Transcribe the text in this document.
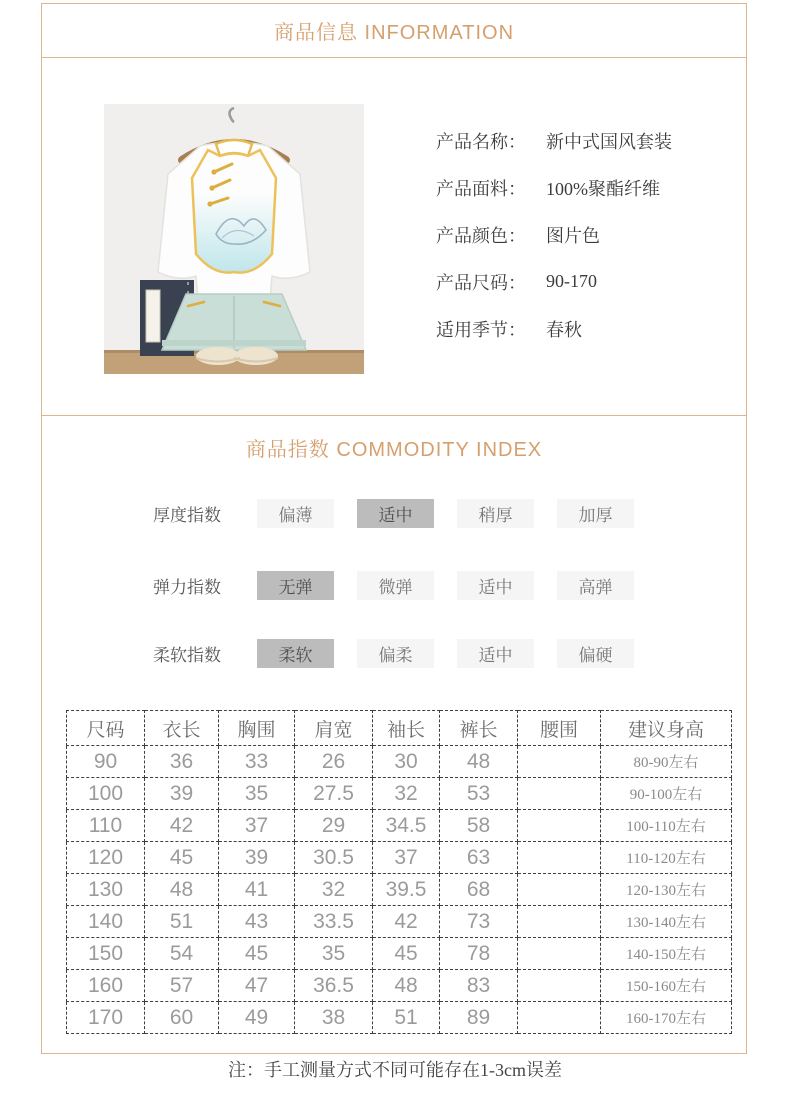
商品信息 INFORMATION
产品名称：	新中式国风套装
产品面料：	100%聚酯纤维
产品颜色：	图片色
产品尺码：	90-170
适用季节：	春秋
商品指数 COMMODITY INDEX
厚度指数	偏薄	适中	稍厚	加厚
弹力指数	无弹	微弹	适中	高弹
柔软指数	柔软	偏柔	适中	偏硬
尺码	衣长	胸围	肩宽	袖长	裤长	腰围	建议身高
90	36	33	26	30	48		80-90左右
100	39	35	27.5	32	53		90-100左右
110	42	37	29	34.5	58		100-110左右
120	45	39	30.5	37	63		110-120左右
130	48	41	32	39.5	68		120-130左右
140	51	43	33.5	42	73		130-140左右
150	54	45	35	45	78		140-150左右
160	57	47	36.5	48	83		150-160左右
170	60	49	38	51	89		160-170左右
注：手工测量方式不同可能存在1-3cm误差
